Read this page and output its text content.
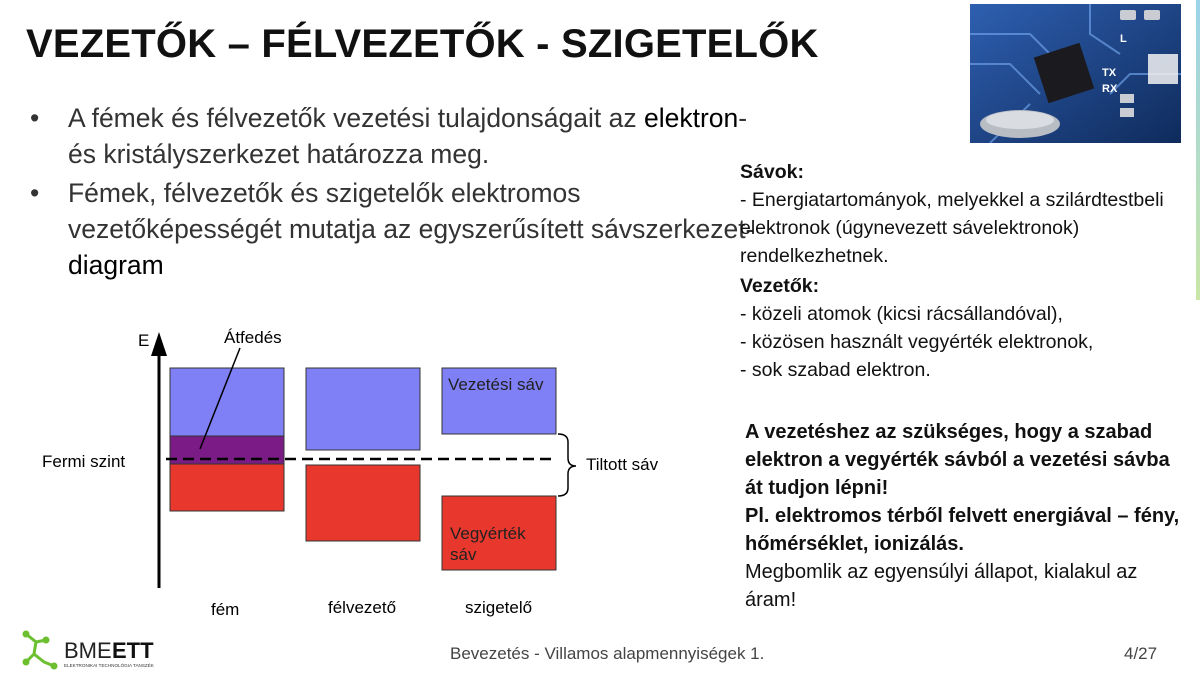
VEZETŐK – FÉLVEZETŐK - SZIGETELŐK
TX
RX
L
• A fémek és félvezetők vezetési tulajdonságait az elektron- és kristályszerkezet határozza meg.
• Fémek, félvezetők és szigetelők elektromos vezetőképességét mutatja az egyszerűsített sávszerkezet-diagram

Sávok:

- Energiatartományok, melyekkel a szilárdtestbeli elektronok (úgynevezett sávelektronok) rendelkezhetnek.

Vezetők:

- közeli atomok (kicsi rácsállandóval),

- közösen használt vegyérték elektronok,

- sok szabad elektron.

A vezetéshez az szükséges, hogy a szabad elektron a vegyérték sávból a vezetési sávba át tudjon lépni!
Pl. elektromos térből felvett energiával – fény, hőmérséklet, ionizálás.
Megbomlik az egyensúlyi állapot, kialakul az áram!
E	Átfedés
Vezetési sáv
Vegyérték
sáv
Fermi szint	Tiltott sáv
fém	félvezető	szigetelő
BME ETT
ELEKTRONIKAI TECHNOLÓGIA TANSZÉK
Bevezetés - Villamos alapmennyiségek 1.	4/27
